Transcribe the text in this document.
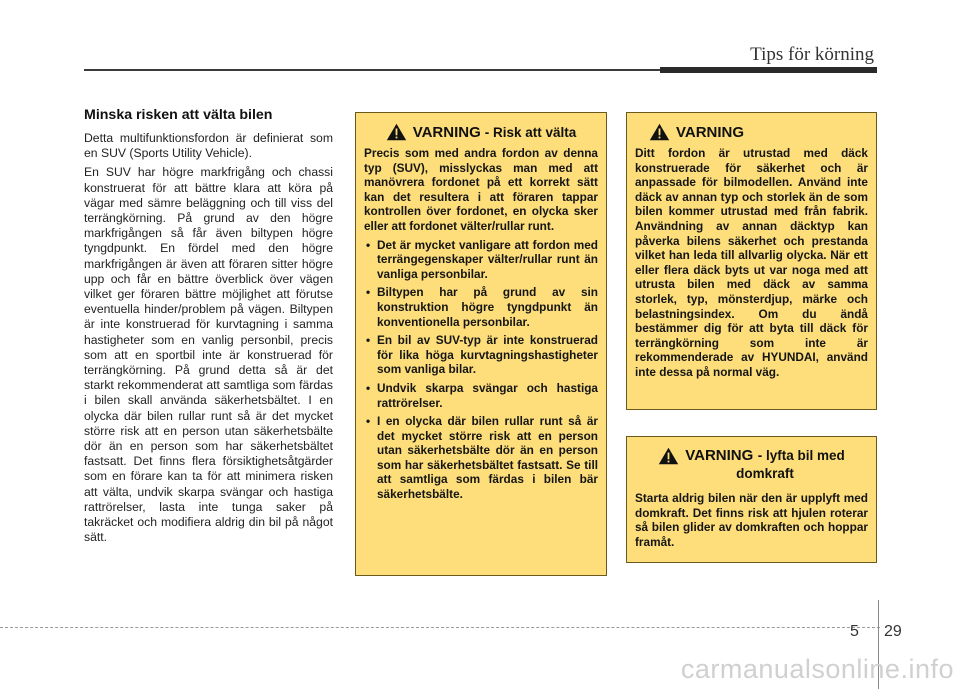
Tips för körning
Minska risken att välta bilen

Detta multifunktionsfordon är definierat som en SUV (Sports Utility Vehicle).

En SUV har högre markfrigång och chassi konstruerat för att bättre klara att köra på vägar med sämre beläggning och till viss del terrängkörning. På grund av den högre markfrigången så får även biltypen högre tyngdpunkt. En fördel med den högre markfrigången är även att föraren sitter högre upp och får en bättre överblick över vägen vilket ger föraren bättre möjlighet att förutse eventuella hinder/problem på vägen. Biltypen är inte konstruerad för kurvtagning i samma hastigheter som en vanlig personbil, precis som att en sportbil inte är konstruerad för terrängkörning. På grund detta så är det starkt rekommenderat att samtliga som färdas i bilen skall använda säkerhetsbältet. I en olycka där bilen rullar runt så är det mycket större risk att en person utan säkerhetsbälte dör än en person som har säkerhetsbältet fastsatt. Det finns flera försiktighetsåtgärder som en förare kan ta för att minimera risken att välta, undvik skarpa svängar och hastiga rattrörelser, lasta inte tunga saker på takräcket och modifiera aldrig din bil på något sätt.

VARNING - Risk att välta

Precis som med andra fordon av denna typ (SUV), misslyckas man med att manövrera fordonet på ett korrekt sätt kan det resultera i att föraren tappar kontrollen över fordonet, en olycka sker eller att fordonet välter/rullar runt.

• Det är mycket vanligare att fordon med terrängegenskaper välter/rullar runt än vanliga personbilar.
• Biltypen har på grund av sin konstruktion högre tyngdpunkt än konventionella personbilar.
• En bil av SUV-typ är inte konstruerad för lika höga kurvtagningshastigheter som vanliga bilar.
• Undvik skarpa svängar och hastiga rattrörelser.
• I en olycka där bilen rullar runt så är det mycket större risk att en person utan säkerhetsbälte dör än en person som har säkerhetsbältet fastsatt. Se till att samtliga som färdas i bilen bär säkerhetsbälte.
VARNING

Ditt fordon är utrustad med däck konstruerade för säkerhet och är anpassade för bilmodellen. Använd inte däck av annan typ och storlek än de som bilen kommer utrustad med från fabrik. Användning av annan däcktyp kan påverka bilens säkerhet och prestanda vilket han leda till allvarlig olycka. När ett eller flera däck byts ut var noga med att utrusta bilen med däck av samma storlek, typ, mönsterdjup, märke och belastningsindex. Om du ändå bestämmer dig för att byta till däck för terrängkörning som inte är rekommenderade av HYUNDAI, använd inte dessa på normal väg.

VARNING - lyfta bil med
domkraft

Starta aldrig bilen när den är upplyft med domkraft. Det finns risk att hjulen roterar så bilen glider av domkraften och hoppar framåt.

5 29
carmanualsonline.info
